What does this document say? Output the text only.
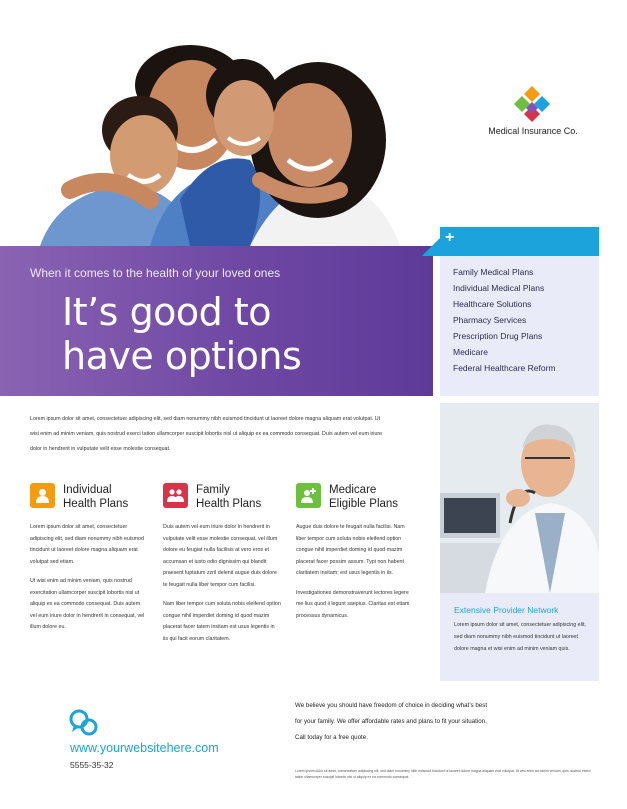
Medical Insurance Co.
When it comes to the health of your loved ones
It’s good to
have options
+
Family Medical Plans
Individual Medical Plans
Healthcare Solutions
Pharmacy Services
Prescription Drug Plans
Medicare
Federal Healthcare Reform
Lorem ipsum dolor sit amet, consectetuer adipiscing elit, sed diam nonummy nibh euismod tincidunt ut laoreet dolore magna aliquam erat volutpat. Ut wisi enim ad minim veniam, quis nostrud exerci tation ullamcorper suscipit lobortis nisl ut aliquip ex ea commodo consequat. Duis autem vel eum iriure dolor in hendrerit in vulputate velit esse molestie consequat.
Extensive Provider Network
Lorem ipsum dolor sit amet, consectetuer adipiscing elit, sed diam nonummy nibh euismod tincidunt ut laoreet dolore magna et wisi enim ad minim veniam quis.
Individual
Health Plans

Lorem ipsum dolor sit amet, consectetuer adipiscing elit, sed diam nonummy nibh euismod tincidunt ut laoreet dolore magna aliquam erat volutpat sed etiam.

Ut wisi enim ad minim veniam, quis nostrud exercitation ullamcorper suscipit lobortis nisl ut aliquip ex ea commodo consequat. Duis autem vel eum iriure dolor in hendrerit in consequat, vel illum dolore eu.

Family
Health Plans

Duis autem vel eum iriure dolor in hendrerit in vulputate velit esse molestie consequat, vel illum dolore eu feugiat nulla facilisis at vero eros et accumsan et iusto odio dignissim qui blandit praesent luptatum zzril delenit augue duis dolore te feugait nulla liber tempor cum facilisi.

Nam liber tempor cum soluta nobis eleifend option congue nihil imperdiet doming id quod mazim placerat facer tatem insitam est usus legentis in iis qui facit eorum claritatem.

Medicare
Eligible Plans

Augue duis dolore te feugait nulla facilisi. Nam liber tempor cum soluta nobis eleifend option congue nihil imperdiet doming id quod mazim placerat facer possim assum. Typi non habent claritatem insitam; est usus legentis in iis.

Investigationes demonstraverunt lectores legere me lius quod ii legunt saepius. Claritas est etiam processus dynamicus.

We believe you should have freedom of choice in deciding what’s best

for your family. We offer affordable rates and plans to fit your situation.

Call today for a free quote.

Lorem ipsum dolor sit amet, consectetuer adipiscing elit, sed diam nonummy nibh euismod tincidunt ut laoreet dolore magna aliquam erat volutpat. Ut wisi enim ad minim veniam, quis nostrud exerci tation ullamcorper suscipit lobortis nisl ut aliquip ex ea commodo consequat.
www.yourwebsitehere.com
5555-35-32
